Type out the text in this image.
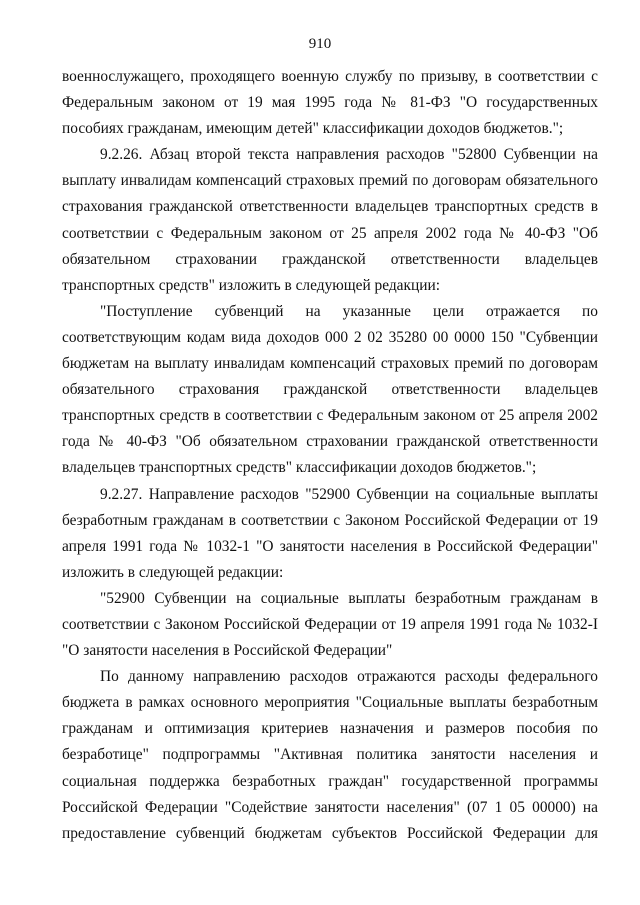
910

военнослужащего, проходящего военную службу по призыву, в соответствии с Федеральным законом от 19 мая 1995 года № 81-ФЗ "О государственных пособиях гражданам, имеющим детей" классификации доходов бюджетов.";

9.2.26. Абзац второй текста направления расходов "52800 Субвенции на выплату инвалидам компенсаций страховых премий по договорам обязательного страхования гражданской ответственности владельцев транспортных средств в соответствии с Федеральным законом от 25 апреля 2002 года № 40-ФЗ "Об обязательном страховании гражданской ответственности владельцев транспортных средств" изложить в следующей редакции:

"Поступление субвенций на указанные цели отражается по соответствующим кодам вида доходов 000 2 02 35280 00 0000 150 "Субвенции бюджетам на выплату инвалидам компенсаций страховых премий по договорам обязательного страхования гражданской ответственности владельцев транспортных средств в соответствии с Федеральным законом от 25 апреля 2002 года № 40-ФЗ "Об обязательном страховании гражданской ответственности владельцев транспортных средств" классификации доходов бюджетов.";

9.2.27. Направление расходов "52900 Субвенции на социальные выплаты безработным гражданам в соответствии с Законом Российской Федерации от 19 апреля 1991 года № 1032-1 "О занятости населения в Российской Федерации" изложить в следующей редакции:

"52900 Субвенции на социальные выплаты безработным гражданам в соответствии с Законом Российской Федерации от 19 апреля 1991 года № 1032-I "О занятости населения в Российской Федерации"

По данному направлению расходов отражаются расходы федерального бюджета в рамках основного мероприятия "Социальные выплаты безработным гражданам и оптимизация критериев назначения и размеров пособия по безработице" подпрограммы "Активная политика занятости населения и социальная поддержка безработных граждан" государственной программы Российской Федерации "Содействие занятости населения" (07 1 05 00000) на предоставление субвенций бюджетам субъектов Российской Федерации для
